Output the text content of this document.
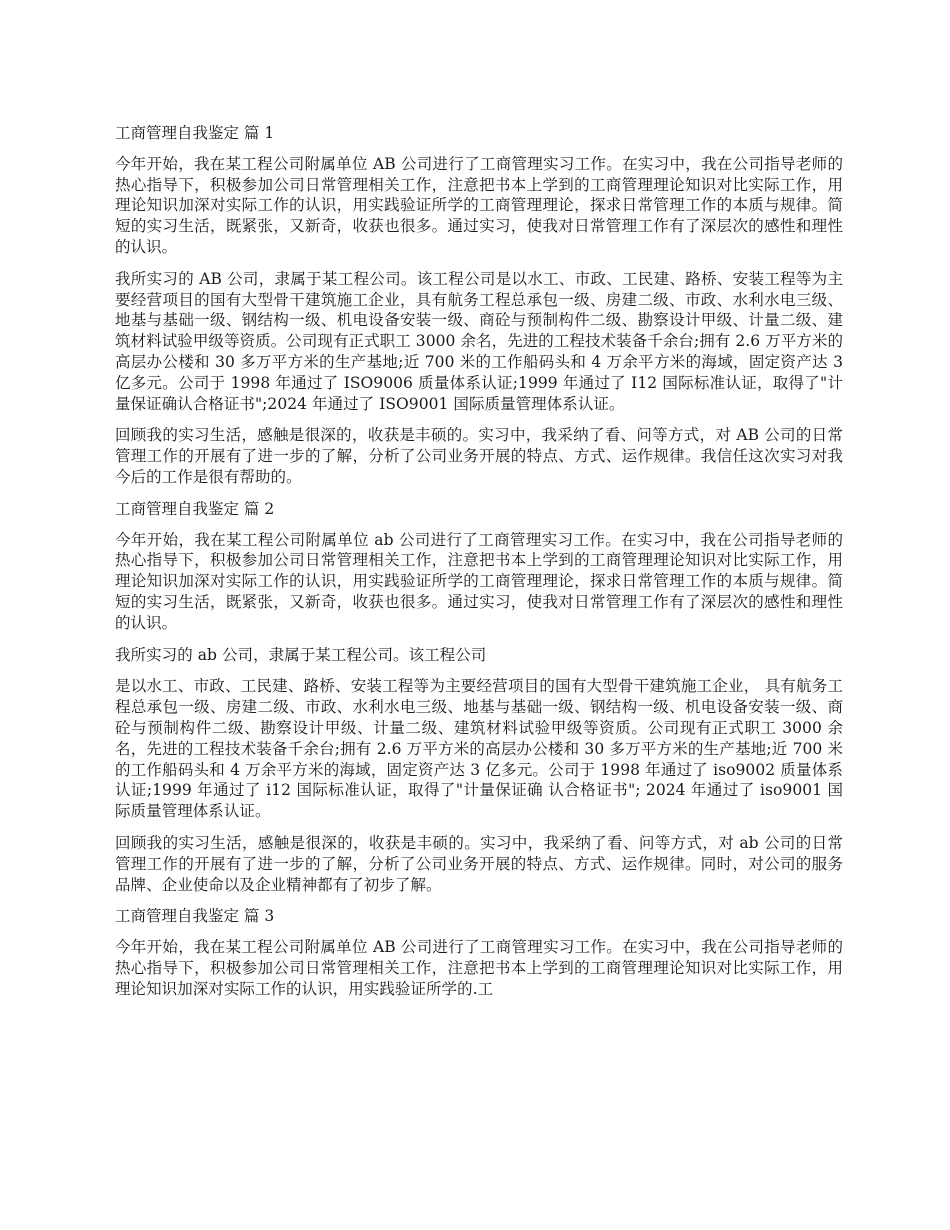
工商管理自我鉴定 篇 1

今年开始，我在某工程公司附属单位 AB 公司进行了工商管理实习工作。在实习中，我在公司指导老师的热心指导下，积极参加公司日常管理相关工作，注意把书本上学到的工商管理理论知识对比实际工作，用理论知识加深对实际工作的认识，用实践验证所学的工商管理理论，探求日常管理工作的本质与规律。简短的实习生活，既紧张，又新奇，收获也很多。通过实习，使我对日常管理工作有了深层次的感性和理性的认识。

我所实习的 AB 公司，隶属于某工程公司。该工程公司是以水工、市政、工民建、路桥、安装工程等为主要经营项目的国有大型骨干建筑施工企业，具有航务工程总承包一级、房建二级、市政、水利水电三级、地基与基础一级、钢结构一级、机电设备安装一级、商砼与预制构件二级、勘察设计甲级、计量二级、建筑材料试验甲级等资质。公司现有正式职工 3000 余名，先进的工程技术装备千余台;拥有 2.6 万平方米的高层办公楼和 30 多万平方米的生产基地;近 700 米的工作船码头和 4 万余平方米的海域，固定资产达 3 亿多元。公司于 1998 年通过了 ISO9006 质量体系认证;1999 年通过了 I12 国际标准认证，取得了"计量保证确认合格证书";2024 年通过了 ISO9001 国际质量管理体系认证。

回顾我的实习生活，感触是很深的，收获是丰硕的。实习中，我采纳了看、问等方式，对 AB 公司的日常管理工作的开展有了进一步的了解，分析了公司业务开展的特点、方式、运作规律。我信任这次实习对我今后的工作是很有帮助的。

工商管理自我鉴定 篇 2

今年开始，我在某工程公司附属单位 ab 公司进行了工商管理实习工作。在实习中，我在公司指导老师的热心指导下，积极参加公司日常管理相关工作，注意把书本上学到的工商管理理论知识对比实际工作，用理论知识加深对实际工作的认识，用实践验证所学的工商管理理论，探求日常管理工作的本质与规律。简短的实习生活，既紧张，又新奇，收获也很多。通过实习，使我对日常管理工作有了深层次的感性和理性的认识。

我所实习的 ab 公司，隶属于某工程公司。该工程公司

是以水工、市政、工民建、路桥、安装工程等为主要经营项目的国有大型骨干建筑施工企业， 具有航务工程总承包一级、房建二级、市政、水利水电三级、地基与基础一级、钢结构一级、机电设备安装一级、商砼与预制构件二级、勘察设计甲级、计量二级、建筑材料试验甲级等资质。公司现有正式职工 3000 余名，先进的工程技术装备千余台;拥有 2.6 万平方米的高层办公楼和 30 多万平方米的生产基地;近 700 米的工作船码头和 4 万余平方米的海域，固定资产达 3 亿多元。公司于 1998 年通过了 iso9002 质量体系认证;1999 年通过了 i12 国际标准认证，取得了"计量保证确 认合格证书"; 2024 年通过了 iso9001 国际质量管理体系认证。

回顾我的实习生活，感触是很深的，收获是丰硕的。实习中，我采纳了看、问等方式，对 ab 公司的日常管理工作的开展有了进一步的了解，分析了公司业务开展的特点、方式、运作规律。同时，对公司的服务品牌、企业使命以及企业精神都有了初步了解。

工商管理自我鉴定 篇 3

今年开始，我在某工程公司附属单位 AB 公司进行了工商管理实习工作。在实习中，我在公司指导老师的热心指导下，积极参加公司日常管理相关工作，注意把书本上学到的工商管理理论知识对比实际工作，用理论知识加深对实际工作的认识，用实践验证所学的.工
